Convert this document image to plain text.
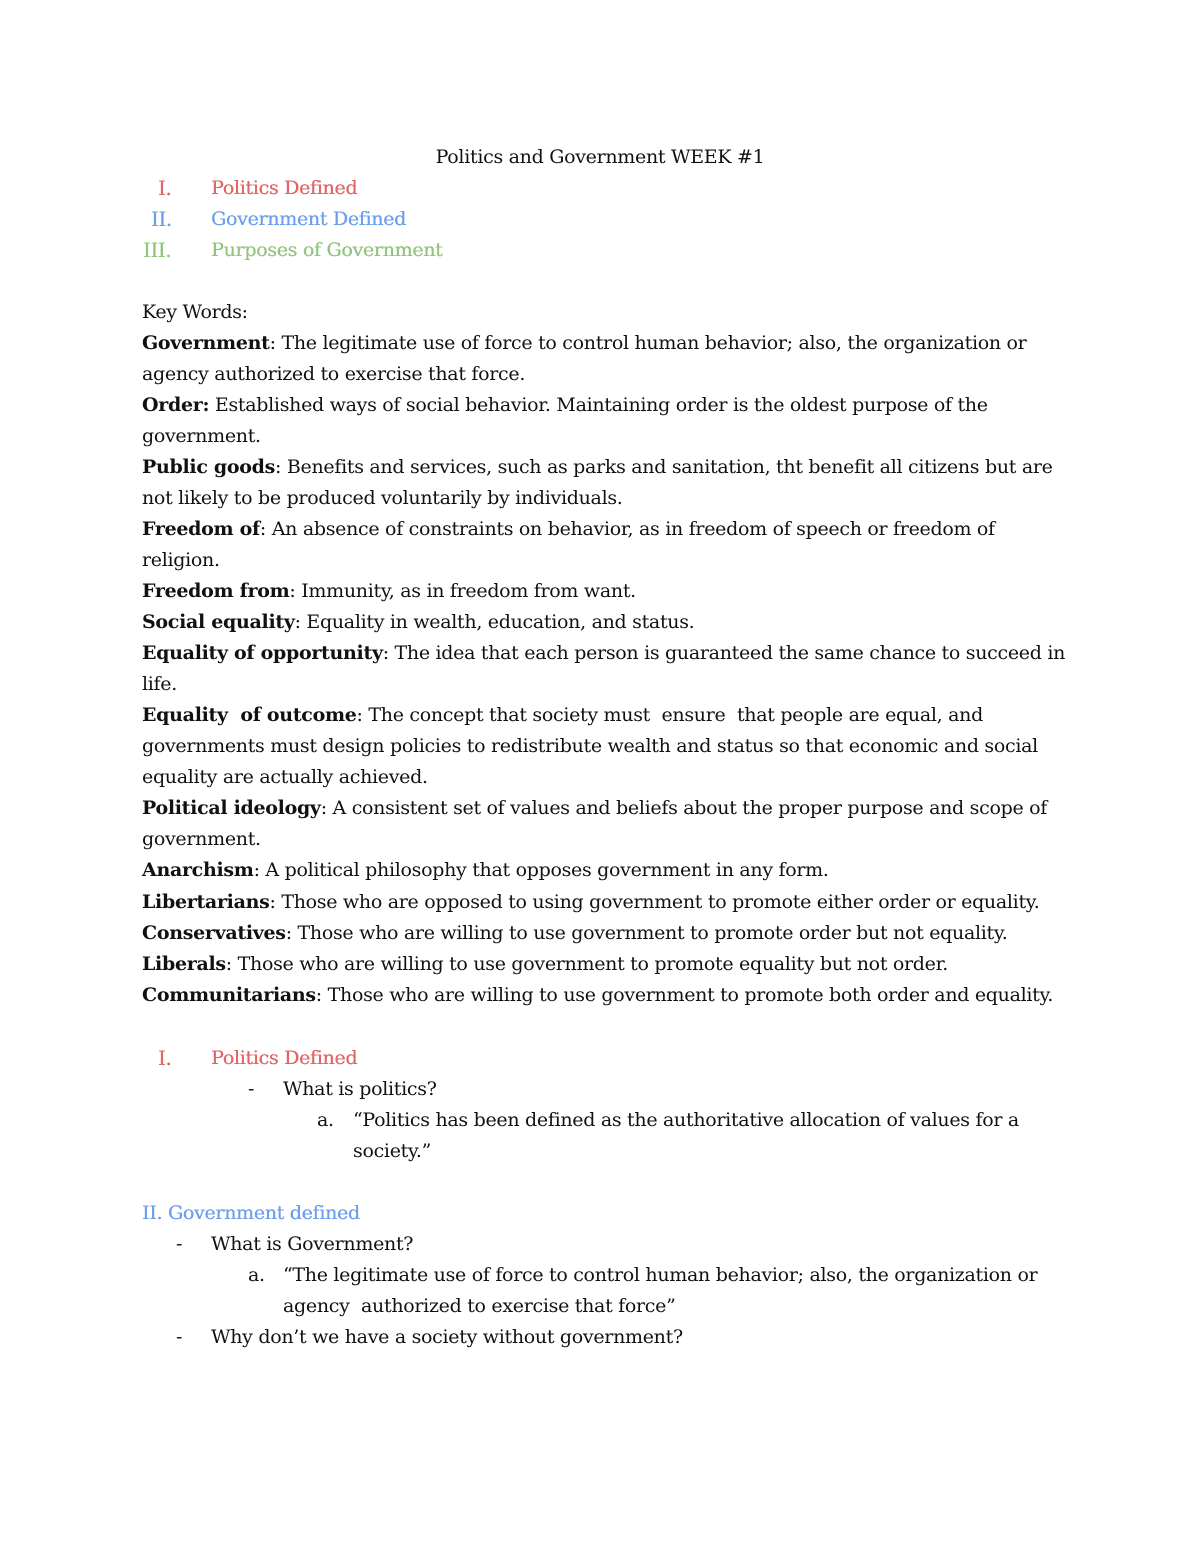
Politics and Government WEEK #1
I. Politics Defined
II. Government Defined
III. Purposes of Government
Key Words:
Government: The legitimate use of force to control human behavior; also, the organization or
agency authorized to exercise that force.
Order: Established ways of social behavior. Maintaining order is the oldest purpose of the
government.
Public goods: Benefits and services, such as parks and sanitation, tht benefit all citizens but are
not likely to be produced voluntarily by individuals.
Freedom of: An absence of constraints on behavior, as in freedom of speech or freedom of
religion.
Freedom from: Immunity, as in freedom from want.
Social equality: Equality in wealth, education, and status.
Equality of opportunity: The idea that each person is guaranteed the same chance to succeed in
life.
Equality  of outcome: The concept that society must  ensure  that people are equal, and
governments must design policies to redistribute wealth and status so that economic and social
equality are actually achieved.
Political ideology: A consistent set of values and beliefs about the proper purpose and scope of
government.
Anarchism: A political philosophy that opposes government in any form.
Libertarians: Those who are opposed to using government to promote either order or equality.
Conservatives: Those who are willing to use government to promote order but not equality.
Liberals: Those who are willing to use government to promote equality but not order.
Communitarians: Those who are willing to use government to promote both order and equality.
I. Politics Defined
- What is politics?
a. “Politics has been defined as the authoritative allocation of values for a
society.”
II. Government defined
- What is Government?
a. “The legitimate use of force to control human behavior; also, the organization or
agency  authorized to exercise that force”
- Why don’t we have a society without government?
